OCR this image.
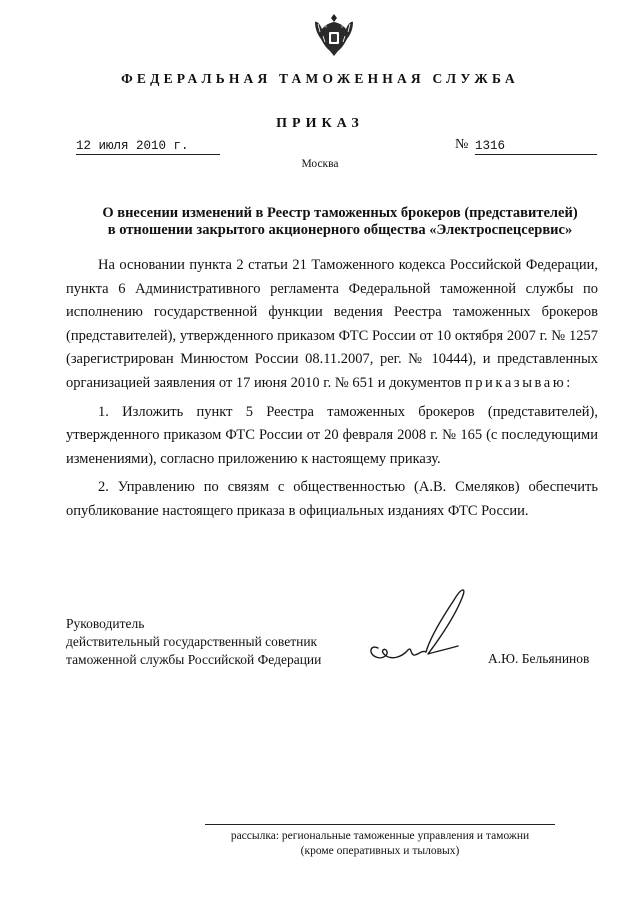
ФЕДЕРАЛЬНАЯ ТАМОЖЕННАЯ СЛУЖБА
ПРИКАЗ
12 июля 2010 г.	№ 1316
Москва
О внесении изменений в Реестр таможенных брокеров (представителей)
в отношении закрытого акционерного общества «Электроспецсервис»

На основании пункта 2 статьи 21 Таможенного кодекса Российской Федерации, пункта 6 Административного регламента Федеральной таможенной службы по исполнению государственной функции ведения Реестра таможенных брокеров (представителей), утвержденного приказом ФТС России от 10 октября 2007 г. № 1257 (зарегистрирован Минюстом России 08.11.2007, рег. № 10444), и представленных организацией заявления от 17 июня 2010 г. № 651 и документов приказываю:

1. Изложить пункт 5 Реестра таможенных брокеров (представителей), утвержденного приказом ФТС России от 20 февраля 2008 г. № 165 (с последующими изменениями), согласно приложению к настоящему приказу.

2. Управлению по связям с общественностью (А.В. Смеляков) обеспечить опубликование настоящего приказа в официальных изданиях ФТС России.

Руководитель
действительный государственный советник
таможенной службы Российской Федерации	А.Ю. Бельянинов
рассылка: региональные таможенные управления и таможни
(кроме оперативных и тыловых)
